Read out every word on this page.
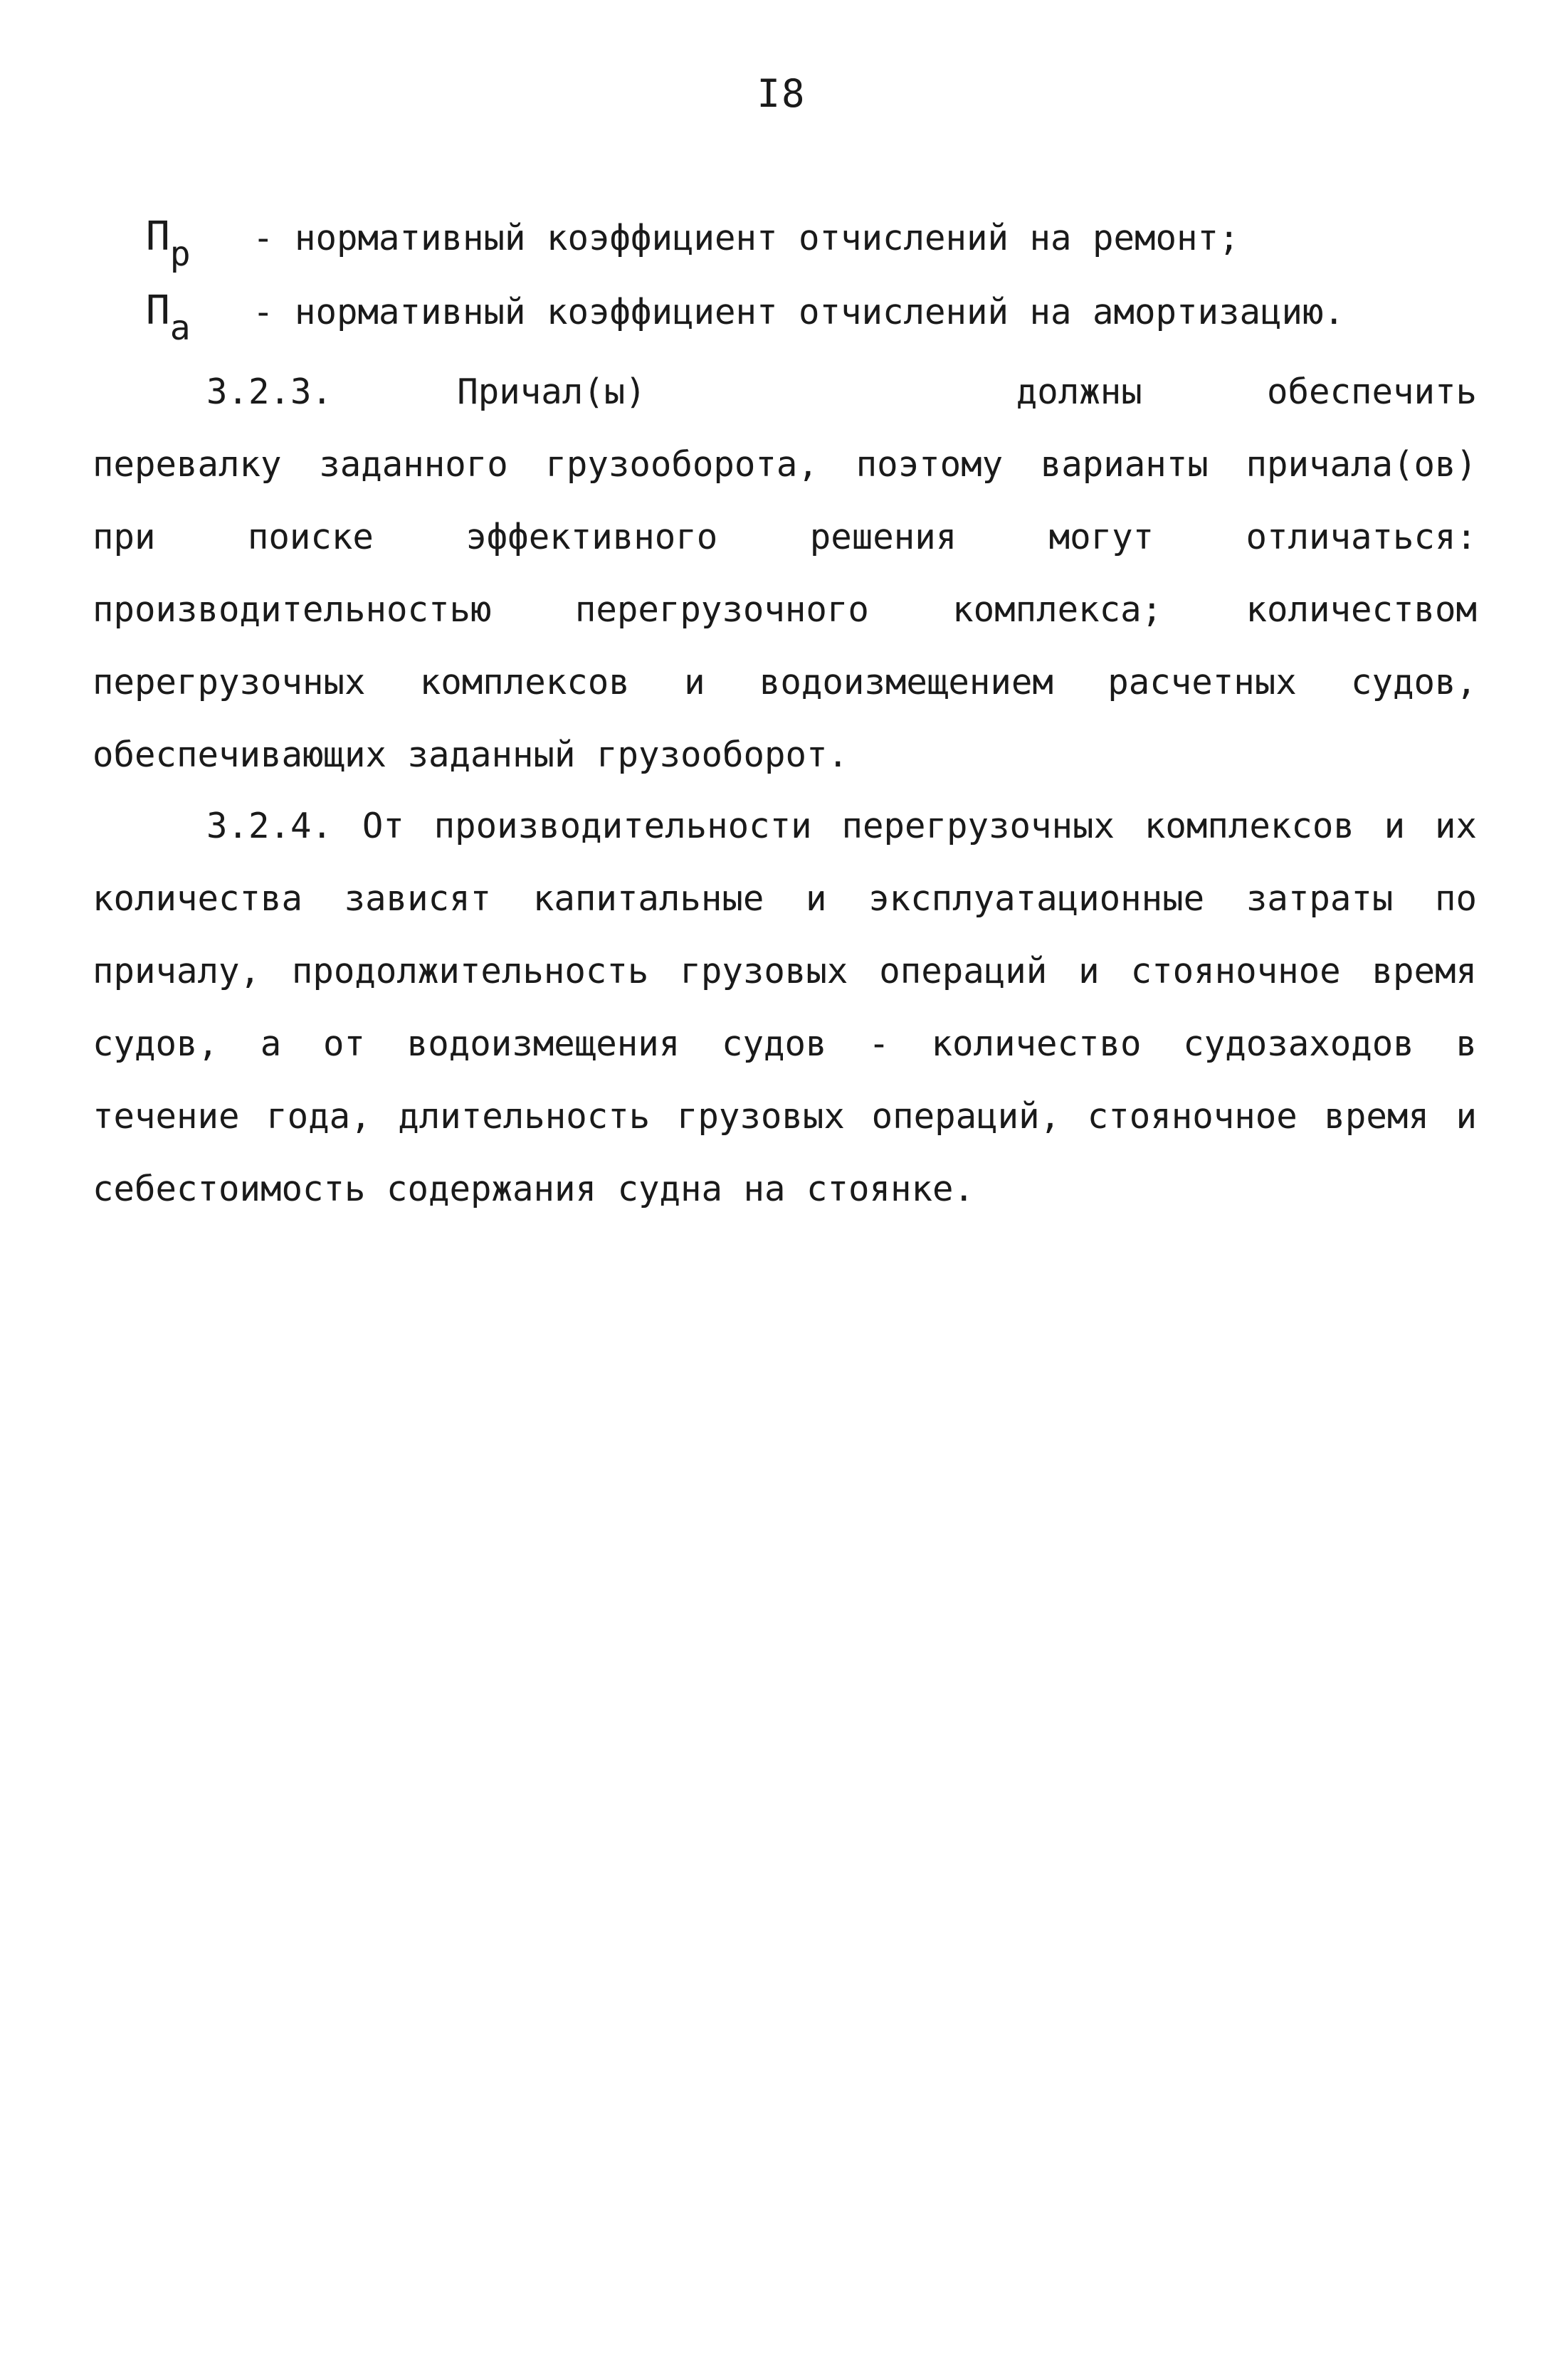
I8
$П_р$	- нормативный коэффициент отчислений на ремонт;
$П_а$	- нормативный коэффициент отчислений на амортизацию.

3.2.3. Причал(ы)	должны обеспечить перевалку заданного грузооборота, поэтому варианты причала(ов) при поиске эффективного решения могут отличаться: производительностью перегрузочного комплекса; количеством перегрузочных комплексов и водоизмещением расчетных судов, обеспечивающих заданный грузооборот.

3.2.4. От производительности перегрузочных комплексов и их количества зависят капитальные и эксплуатационные затраты по причалу, продолжительность грузовых операций и стояночное время судов, а от водоизмещения судов - количество судозаходов в течение года, длительность грузовых операций, стояночное время и себестоимость содержания судна на стоянке.
